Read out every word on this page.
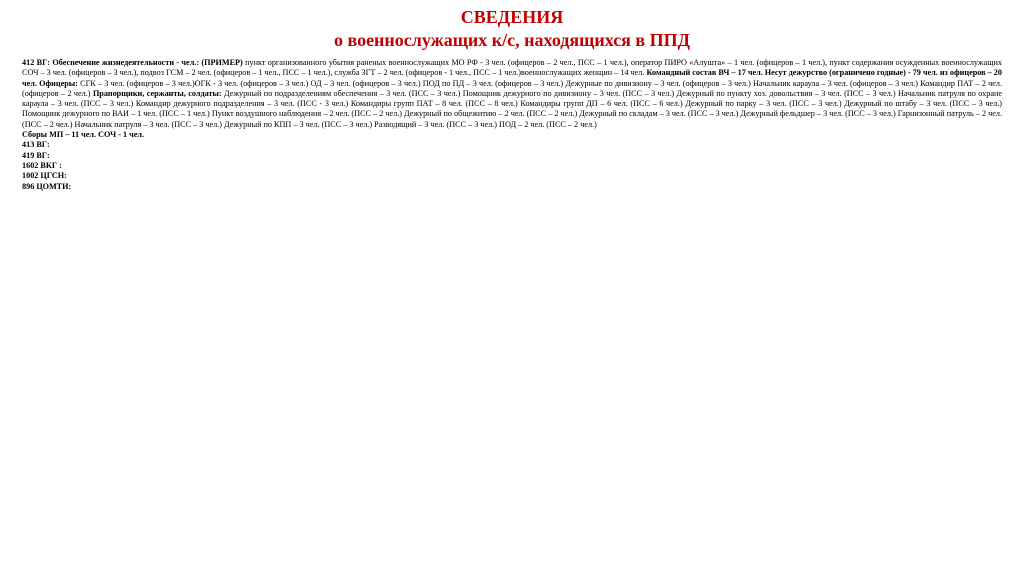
СВЕДЕНИЯ
о военнослужащих к/с, находящихся в ППД

412 ВГ: Обеспечение жизнедеятельности - чел.: (ПРИМЕР) пункт организованного убытия раненых военнослужащих МО РФ - 3 чел. (офицеров – 2 чел., ПСС – 1 чел.), оператор ПИРО «Алушта» – 1 чел. (офицеров – 1 чел.), пункт содержания осужденных военнослужащих СОЧ – 3 чел. (офицеров – 3 чел.), подвоз ГСМ – 2 чел. (офицеров – 1 чел., ПСС – 1 чел.), служба ЗГТ – 2 чел. (офицеров - 1 чел., ПСС – 1 чел.)военнослужащих женщин – 14 чел. Командный состав ВЧ – 17 чел. Несут дежурство (ограничено годные) - 79 чел. из офицеров – 20 чел. Офицеры: СГК – 3 чел. (офицеров – 3 чел.)ОГК - 3 чел. (офицеров – 3 чел.) ОД – 3 чел. (офицеров – 3 чел.) ПОД по ПД – 3 чел. (офицеров – 3 чел.) Дежурные по дивизиону – 3 чел. (офицеров – 3 чел.) Начальник караула – 3 чел. (офицеров – 3 чел.) Командир ПАТ – 2 чел. (офицеров – 2 чел.) Прапорщики, сержанты, солдаты: Дежурный по подразделениям обеспечения – 3 чел. (ПСС – 3 чел.) Помощник дежурного по дивизиону – 3 чел. (ПСС – 3 чел.) Дежурный по пункту хоз. довольствия – 3 чел. (ПСС – 3 чел.) Начальник патруля по охране караула – 3 чел. (ПСС – 3 чел.) Командир дежурного подразделения – 3 чел. (ПСС - 3 чел.) Командиры групп ПАТ – 8 чел. (ПСС – 8 чел.) Командиры групп ДП – 6 чел. (ПСС – 6 чел.) Дежурный по парку – 3 чел. (ПСС – 3 чел.) Дежурный по штабу – 3 чел. (ПСС – 3 чел.) Помощник дежурного по ВАИ – 1 чел. (ПСС – 1 чел.) Пункт воздушного наблюдения – 2 чел. (ПСС – 2 чел.) Дежурный по общежитию – 2 чел. (ПСС – 2 чел.) Дежурный по складам – 3 чел. (ПСС – 3 чел.) Дежурный фельдшер – 3 чел. (ПСС – 3 чел.) Гарнизонный патруль – 2 чел. (ПСС – 2 чел.) Начальник патруля – 3 чел. (ПСС – 3 чел.) Дежурный по КПП – 3 чел. (ПСС – 3 чел.) Разводящий – 3 чел. (ПСС – 3 чел.) ПОД – 2 чел. (ПСС – 2 чел.)

Сборы МП – 11 чел. СОЧ - 1 чел.

413 ВГ:

419 ВГ:

1602 ВКГ :

1002 ЦГСН:

896 ЦОМТИ:
